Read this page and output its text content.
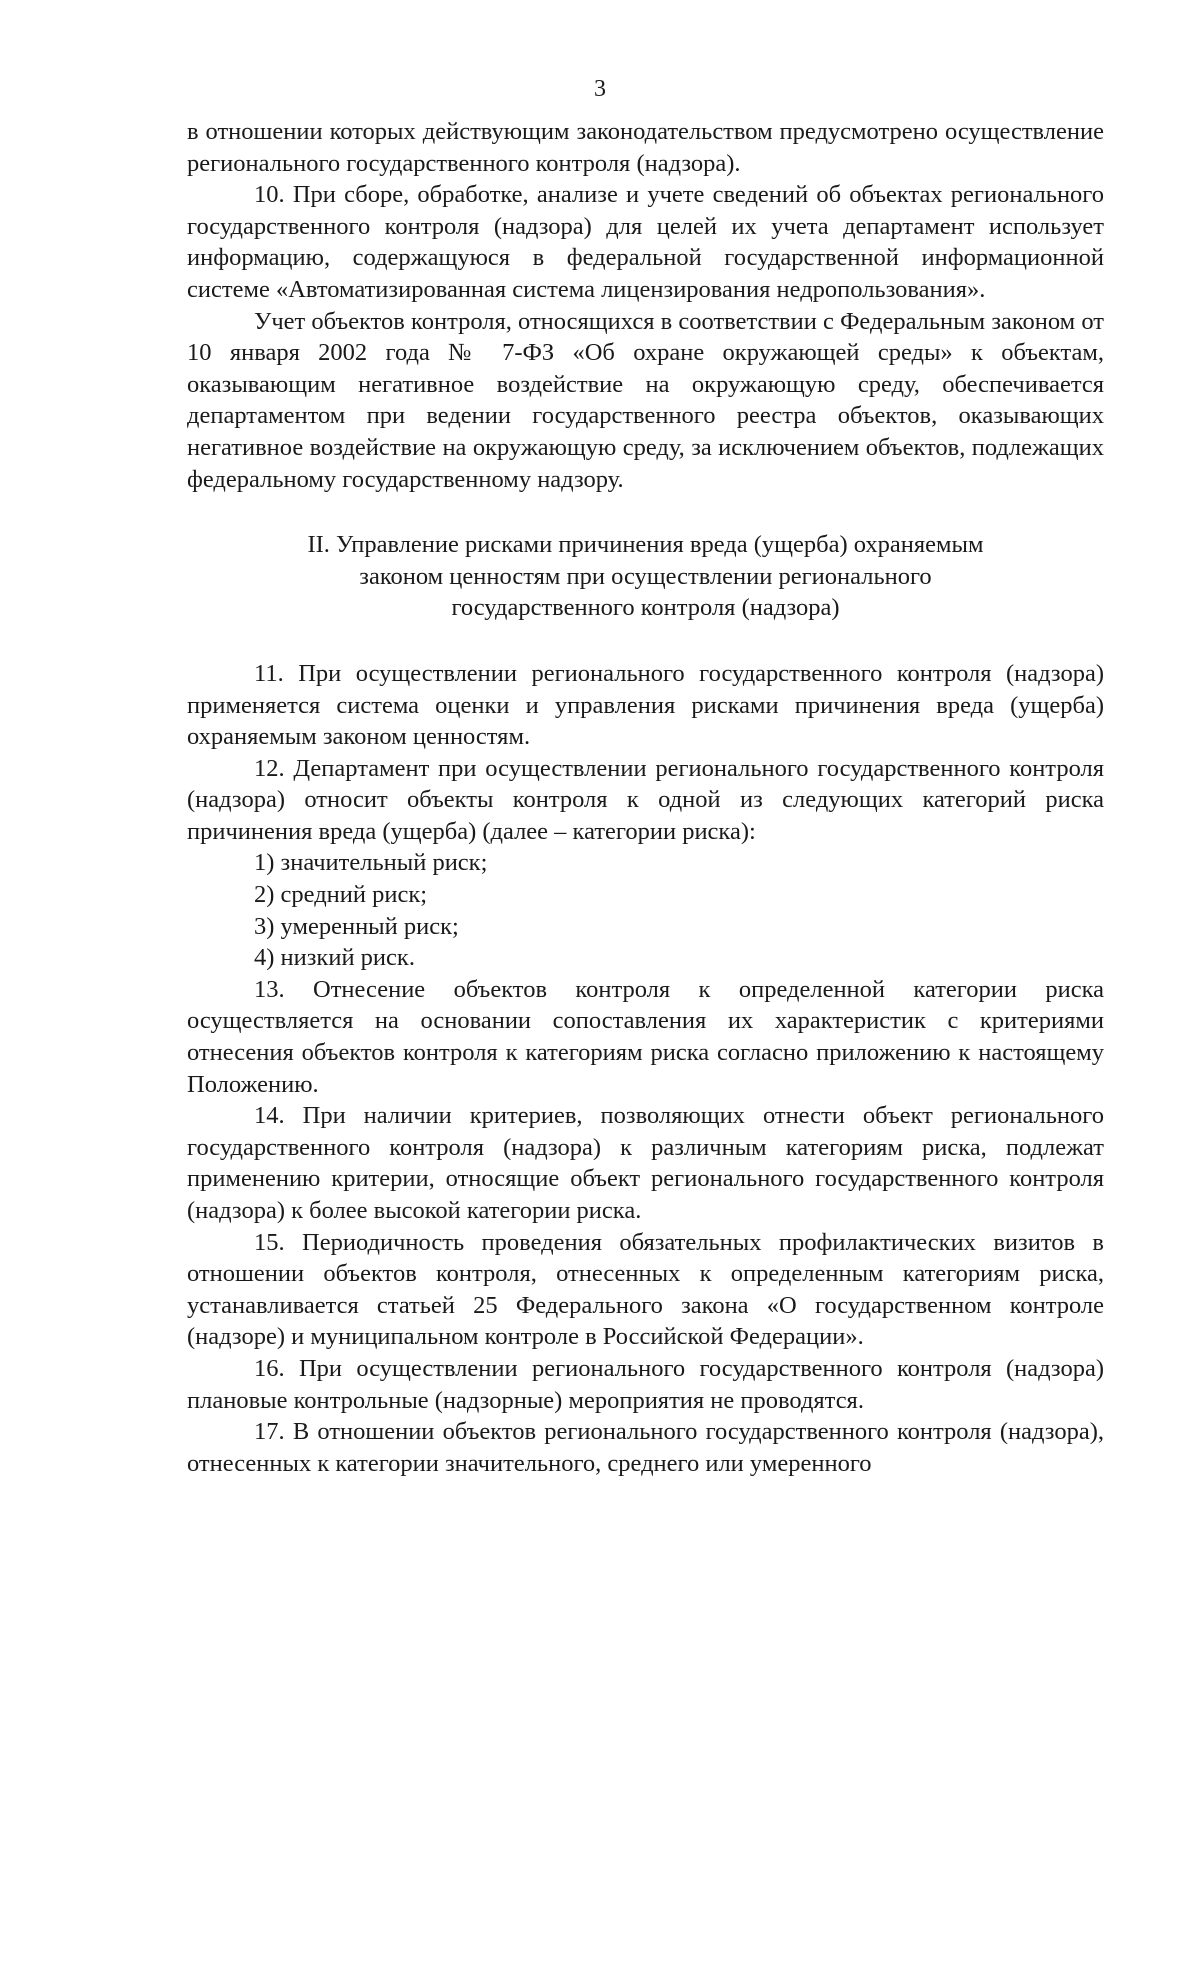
3

в отношении которых действующим законодательством предусмотрено осуществление регионального государственного контроля (надзора).

10. При сборе, обработке, анализе и учете сведений об объектах регионального государственного контроля (надзора) для целей их учета департамент использует информацию, содержащуюся в федеральной государственной информационной системе «Автоматизированная система лицензирования недропользования».

Учет объектов контроля, относящихся в соответствии с Федеральным законом от 10 января 2002 года № 7-ФЗ «Об охране окружающей среды» к объектам, оказывающим негативное воздействие на окружающую среду, обеспечивается департаментом при ведении государственного реестра объектов, оказывающих негативное воздействие на окружающую среду, за исключением объектов, подлежащих федеральному государственному надзору.

II. Управление рисками причинения вреда (ущерба) охраняемым
законом ценностям при осуществлении регионального
государственного контроля (надзора)

11. При осуществлении регионального государственного контроля (надзора) применяется система оценки и управления рисками причинения вреда (ущерба) охраняемым законом ценностям.

12. Департамент при осуществлении регионального государственного контроля (надзора) относит объекты контроля к одной из следующих категорий риска причинения вреда (ущерба) (далее – категории риска):

1) значительный риск;

2) средний риск;

3) умеренный риск;

4) низкий риск.

13. Отнесение объектов контроля к определенной категории риска осуществляется на основании сопоставления их характеристик с критериями отнесения объектов контроля к категориям риска согласно приложению к настоящему Положению.

14. При наличии критериев, позволяющих отнести объект регионального государственного контроля (надзора) к различным категориям риска, подлежат применению критерии, относящие объект регионального государственного контроля (надзора) к более высокой категории риска.

15. Периодичность проведения обязательных профилактических визитов в отношении объектов контроля, отнесенных к определенным категориям риска, устанавливается статьей 25 Федерального закона «О государственном контроле (надзоре) и муниципальном контроле в Российской Федерации».

16. При осуществлении регионального государственного контроля (надзора) плановые контрольные (надзорные) мероприятия не проводятся.

17. В отношении объектов регионального государственного контроля (надзора), отнесенных к категории значительного, среднего или умеренного
